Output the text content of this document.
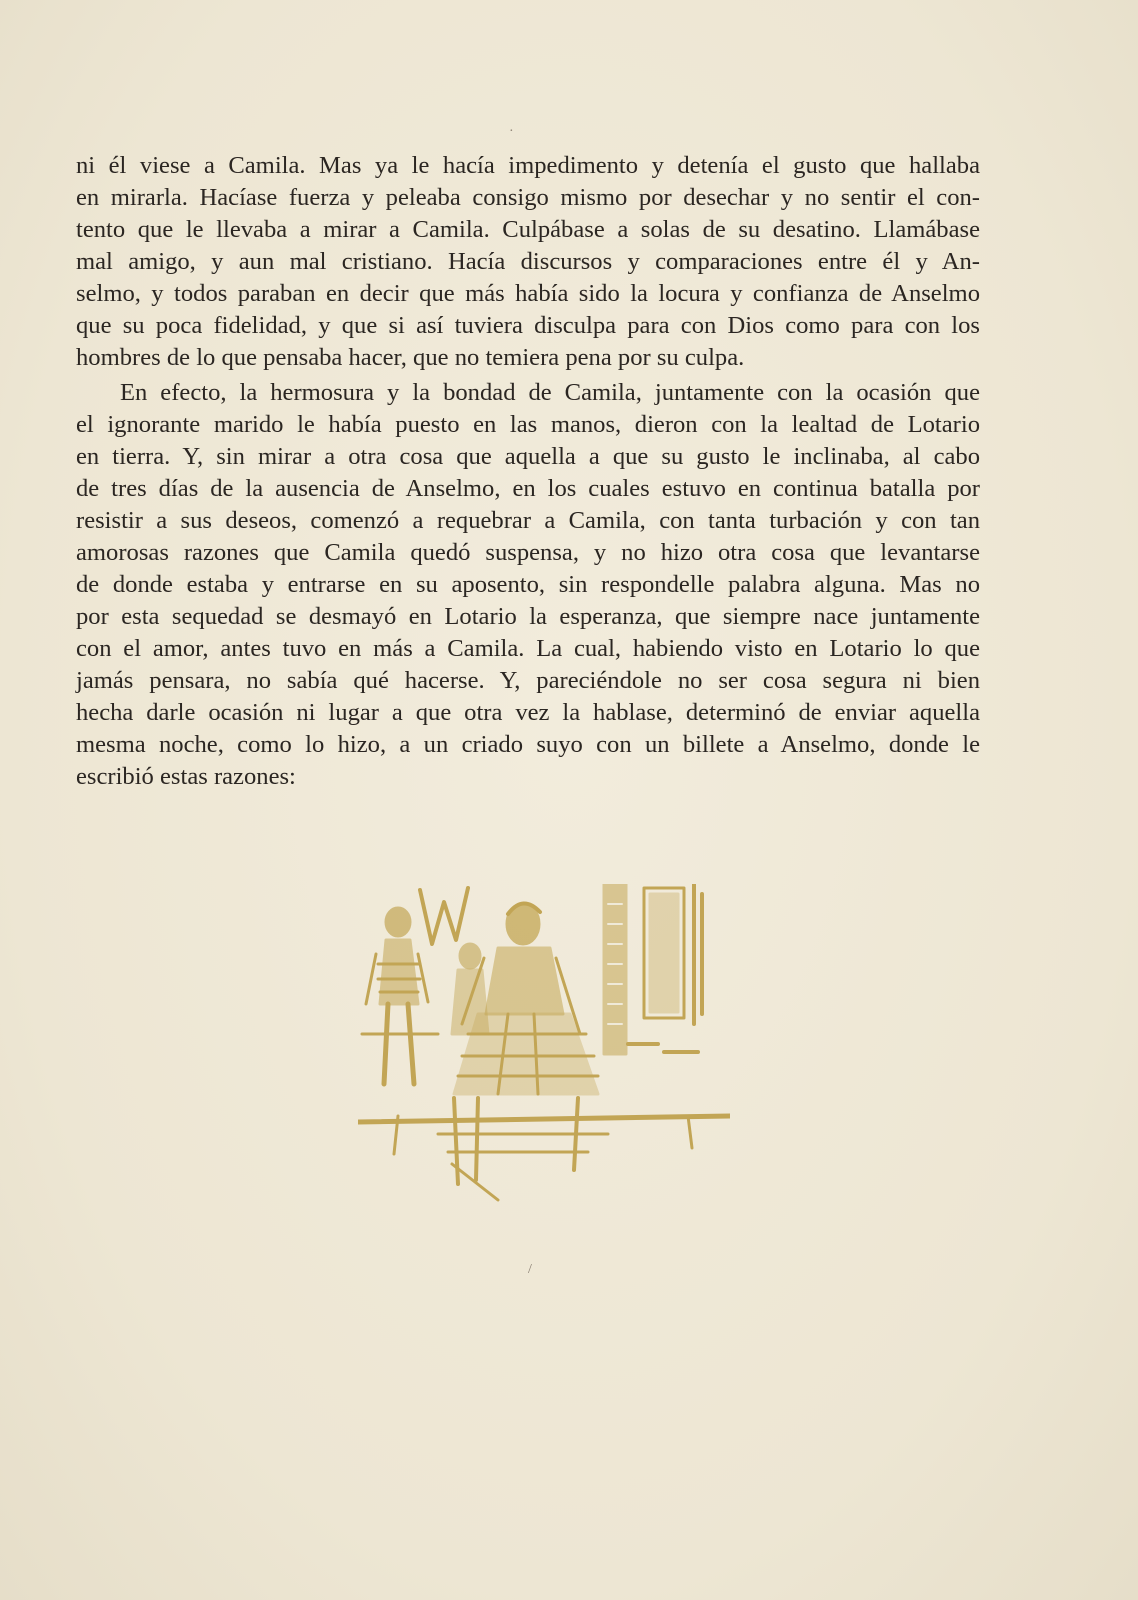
·
ni él viese a Camila. Mas ya le hacía impedimento y detenía el gusto que hallaba
en mirarla. Hacíase fuerza y peleaba consigo mismo por desechar y no sentir el con-
tento que le llevaba a mirar a Camila. Culpábase a solas de su desatino. Llamábase
mal amigo, y aun mal cristiano. Hacía discursos y comparaciones entre él y An-
selmo, y todos paraban en decir que más había sido la locura y confianza de Anselmo
que su poca fidelidad, y que si así tuviera disculpa para con Dios como para con los
hombres de lo que pensaba hacer, que no temiera pena por su culpa.
En efecto, la hermosura y la bondad de Camila, juntamente con la ocasión que
el ignorante marido le había puesto en las manos, dieron con la lealtad de Lotario
en tierra. Y, sin mirar a otra cosa que aquella a que su gusto le inclinaba, al cabo
de tres días de la ausencia de Anselmo, en los cuales estuvo en continua batalla por
resistir a sus deseos, comenzó a requebrar a Camila, con tanta turbación y con tan
amorosas razones que Camila quedó suspensa, y no hizo otra cosa que levantarse
de donde estaba y entrarse en su aposento, sin respondelle palabra alguna. Mas no
por esta sequedad se desmayó en Lotario la esperanza, que siempre nace juntamente
con el amor, antes tuvo en más a Camila. La cual, habiendo visto en Lotario lo que
jamás pensara, no sabía qué hacerse. Y, pareciéndole no ser cosa segura ni bien
hecha darle ocasión ni lugar a que otra vez la hablase, determinó de enviar aquella
mesma noche, como lo hizo, a un criado suyo con un billete a Anselmo, donde le
escribió estas razones:
/
